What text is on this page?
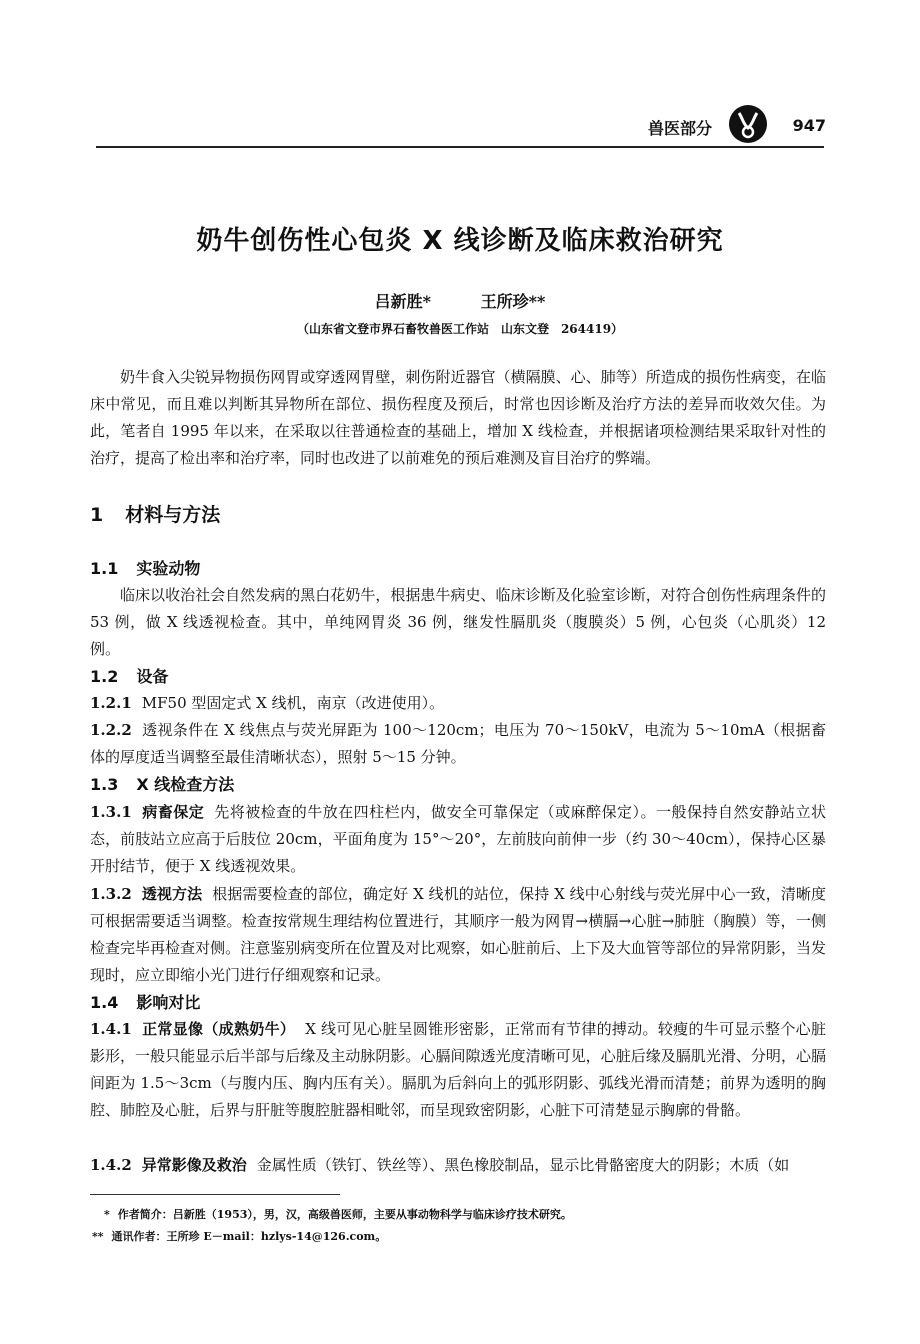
兽医部分	947
奶牛创伤性心包炎 X 线诊断及临床救治研究
吕新胜*	王所珍**
（山东省文登市界石畜牧兽医工作站　山东文登　264419）
奶牛食入尖锐异物损伤网胃或穿透网胃壁，刺伤附近器官（横隔膜、心、肺等）所造成的损伤性病变，在临床中常见，而且难以判断其异物所在部位、损伤程度及预后，时常也因诊断及治疗方法的差异而收效欠佳。为此，笔者自 1995 年以来，在采取以往普通检查的基础上，增加 X 线检查，并根据诸项检测结果采取针对性的治疗，提高了检出率和治疗率，同时也改进了以前难免的预后难测及盲目治疗的弊端。
1 材料与方法
1.1 实验动物
临床以收治社会自然发病的黑白花奶牛，根据患牛病史、临床诊断及化验室诊断，对符合创伤性病理条件的 53 例，做 X 线透视检查。其中，单纯网胃炎 36 例，继发性膈肌炎（腹膜炎）5 例，心包炎（心肌炎）12 例。
1.2 设备
1.2.1 MF50 型固定式 X 线机，南京（改进使用）。
1.2.2 透视条件在 X 线焦点与荧光屏距为 100～120cm；电压为 70～150kV，电流为 5～10mA（根据畜体的厚度适当调整至最佳清晰状态），照射 5～15 分钟。
1.3 X 线检查方法
1.3.1 病畜保定 先将被检查的牛放在四柱栏内，做安全可靠保定（或麻醉保定）。一般保持自然安静站立状态，前肢站立应高于后肢位 20cm，平面角度为 15°～20°，左前肢向前伸一步（约 30～40cm），保持心区暴开肘结节，便于 X 线透视效果。
1.3.2 透视方法 根据需要检查的部位，确定好 X 线机的站位，保持 X 线中心射线与荧光屏中心一致，清晰度可根据需要适当调整。检查按常规生理结构位置进行，其顺序一般为网胃→横膈→心脏→肺脏（胸膜）等，一侧检查完毕再检查对侧。注意鉴别病变所在位置及对比观察，如心脏前后、上下及大血管等部位的异常阴影，当发现时，应立即缩小光门进行仔细观察和记录。
1.4 影响对比
1.4.1 正常显像（成熟奶牛） X 线可见心脏呈圆锥形密影，正常而有节律的搏动。较瘦的牛可显示整个心脏影形，一般只能显示后半部与后缘及主动脉阴影。心膈间隙透光度清晰可见，心脏后缘及膈肌光滑、分明，心膈间距为 1.5～3cm（与腹内压、胸内压有关）。膈肌为后斜向上的弧形阴影、弧线光滑而清楚；前界为透明的胸腔、肺腔及心脏，后界与肝脏等腹腔脏器相毗邻，而呈现致密阴影，心脏下可清楚显示胸廓的骨骼。
1.4.2 异常影像及救治 金属性质（铁钉、铁丝等）、黑色橡胶制品，显示比骨骼密度大的阴影；木质（如
* 作者简介：吕新胜（1953），男，汉，高级兽医师，主要从事动物科学与临床诊疗技术研究。
** 通讯作者：王所珍 E－mail：hzlys-14@126.com。
